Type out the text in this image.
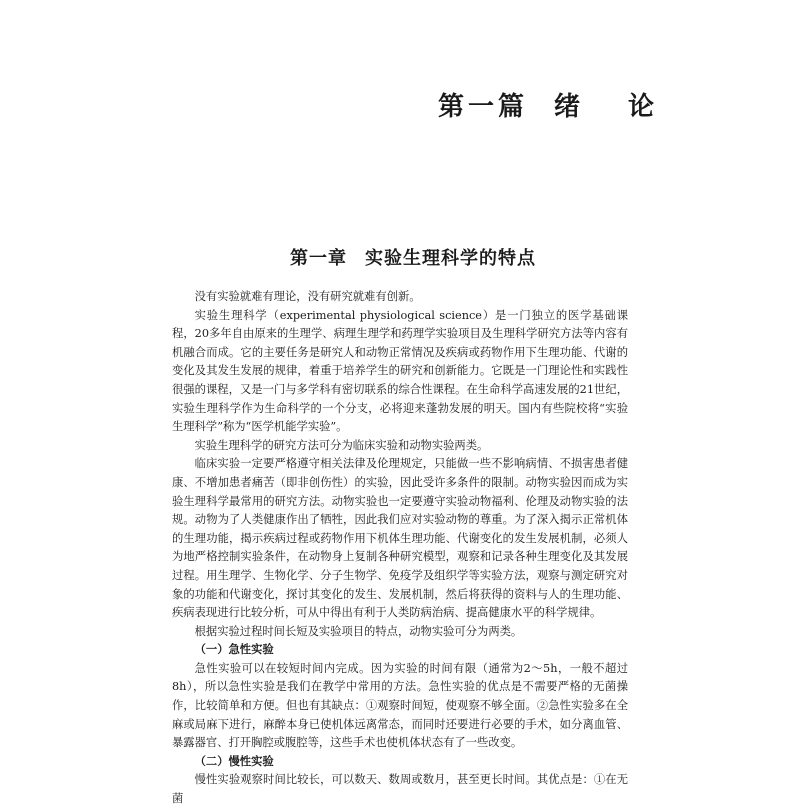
第一篇 绪 论
第一章 实验生理科学的特点

没有实验就难有理论，没有研究就难有创新。

实验生理科学（experimental physiological science）是一门独立的医学基础课程，20多年自由原来的生理学、病理生理学和药理学实验项目及生理科学研究方法等内容有机融合而成。它的主要任务是研究人和动物正常情况及疾病或药物作用下生理功能、代谢的变化及其发生发展的规律，着重于培养学生的研究和创新能力。它既是一门理论性和实践性很强的课程，又是一门与多学科有密切联系的综合性课程。在生命科学高速发展的21世纪，实验生理科学作为生命科学的一个分支，必将迎来蓬勃发展的明天。国内有些院校将“实验生理科学”称为“医学机能学实验”。

实验生理科学的研究方法可分为临床实验和动物实验两类。

临床实验一定要严格遵守相关法律及伦理规定，只能做一些不影响病情、不损害患者健康、不增加患者痛苦（即非创伤性）的实验，因此受许多条件的限制。动物实验因而成为实验生理科学最常用的研究方法。动物实验也一定要遵守实验动物福利、伦理及动物实验的法规。动物为了人类健康作出了牺牲，因此我们应对实验动物的尊重。为了深入揭示正常机体的生理功能，揭示疾病过程或药物作用下机体生理功能、代谢变化的发生发展机制，必须人为地严格控制实验条件，在动物身上复制各种研究模型，观察和记录各种生理变化及其发展过程。用生理学、生物化学、分子生物学、免疫学及组织学等实验方法，观察与测定研究对象的功能和代谢变化，探讨其变化的发生、发展机制，然后将获得的资料与人的生理功能、疾病表现进行比较分析，可从中得出有利于人类防病治病、提高健康水平的科学规律。

根据实验过程时间长短及实验项目的特点，动物实验可分为两类。

（一）急性实验

急性实验可以在较短时间内完成。因为实验的时间有限（通常为2～5h，一般不超过8h），所以急性实验是我们在教学中常用的方法。急性实验的优点是不需要严格的无菌操作，比较简单和方便。但也有其缺点：①观察时间短，使观察不够全面。②急性实验多在全麻或局麻下进行，麻醉本身已使机体远离常态，而同时还要进行必要的手术，如分离血管、暴露器官、打开胸腔或腹腔等，这些手术也使机体状态有了一些改变。

（二）慢性实验

慢性实验观察时间比较长，可以数天、数周或数月，甚至更长时间。其优点是：①在无菌
